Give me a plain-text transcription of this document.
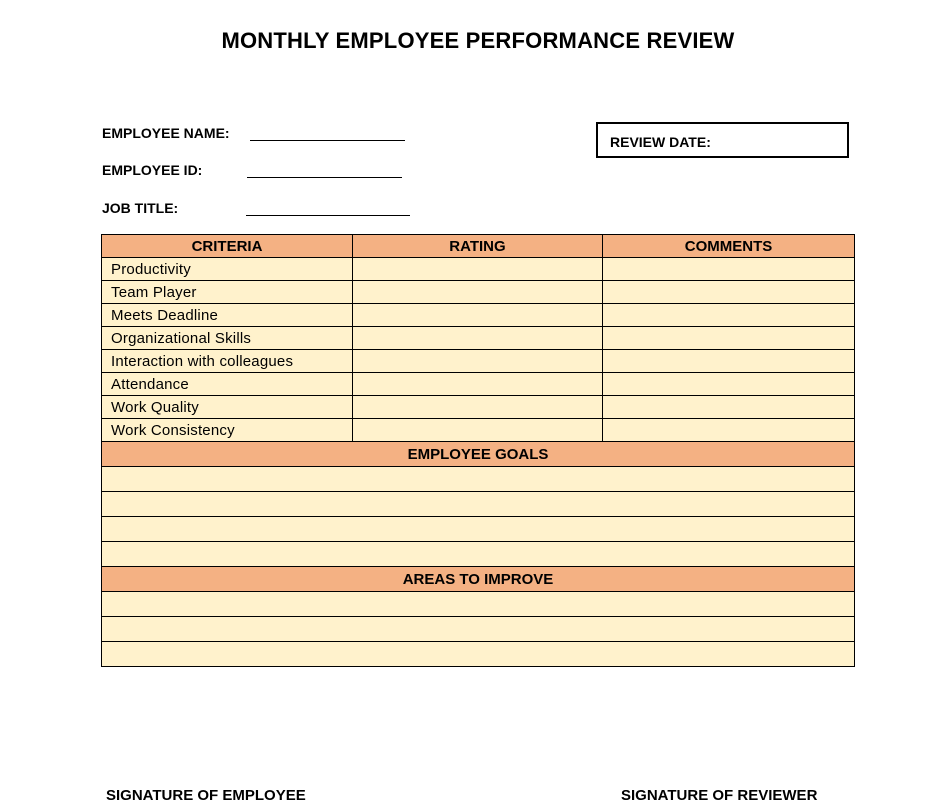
MONTHLY EMPLOYEE PERFORMANCE REVIEW
EMPLOYEE NAME:
EMPLOYEE ID:
JOB TITLE:
REVIEW DATE:
CRITERIA	RATING	COMMENTS
Productivity		
Team Player		
Meets Deadline		
Organizational Skills		
Interaction with colleagues		
Attendance		
Work Quality		
Work Consistency		
EMPLOYEE GOALS		

AREAS TO IMPROVE		

SIGNATURE OF EMPLOYEE	SIGNATURE OF REVIEWER
